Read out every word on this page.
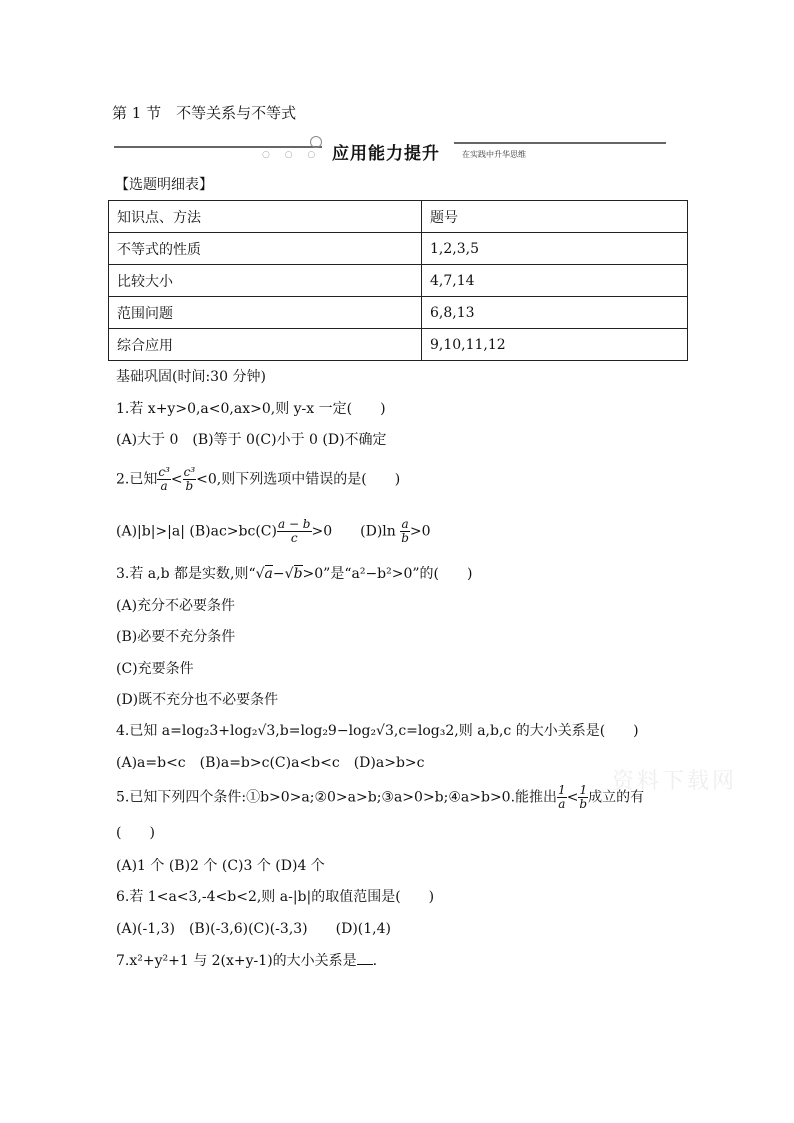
第 1 节　不等关系与不等式
○ ○ ○ 应用能力提升	在实践中升华思维
【选题明细表】
知识点、方法	题号
不等式的性质	1,2,3,5
比较大小	4,7,14
范围问题	6,8,13
综合应用	9,10,11,12
基础巩固(时间:30 分钟)
1.若 x+y>0,a<0,ax>0,则 y-x 一定(　　)
(A)大于 0　(B)等于 0(C)小于 0 (D)不确定
2.已知 $\frac{\text{c³}}{a} < \frac{\text{c³}}{b} <0$,则下列选项中错误的是(　　)
(A)|b|>|a| $(B)ac>bc(C) \frac{a - b}{c} >0$　　$(D)\ln \frac{a}{b} >0$
3.若 a,b 都是实数,则“√a−√b>0”是“a²−b²>0”的(　　)
(A)充分不必要条件
(B)必要不充分条件
(C)充要条件
(D)既不充分也不必要条件
4.已知 a=log₂3+log₂√3,b=log₂9−log₂√3,c=log₃2,则 a,b,c 的大小关系是(　　)
(A)a=b<c　(B)a=b>c(C)a<b<c　(D)a>b>c
资料下载网
5.已知下列四个条件:①b>0>a;②0>a>b;③a>0>b;④a>b>0.能推出 $\frac{1}{a} < \frac{1}{b}$ 成立的有
(　　)
(A)1 个 (B)2 个 (C)3 个 (D)4 个
6.若 1<a<3,-4<b<2,则 a-|b|的取值范围是(　　)
(A)(-1,3)　(B)(-3,6)(C)(-3,3)　　(D)(1,4)
7.x²+y²+1 与 2(x+y-1)的大小关系是 .
